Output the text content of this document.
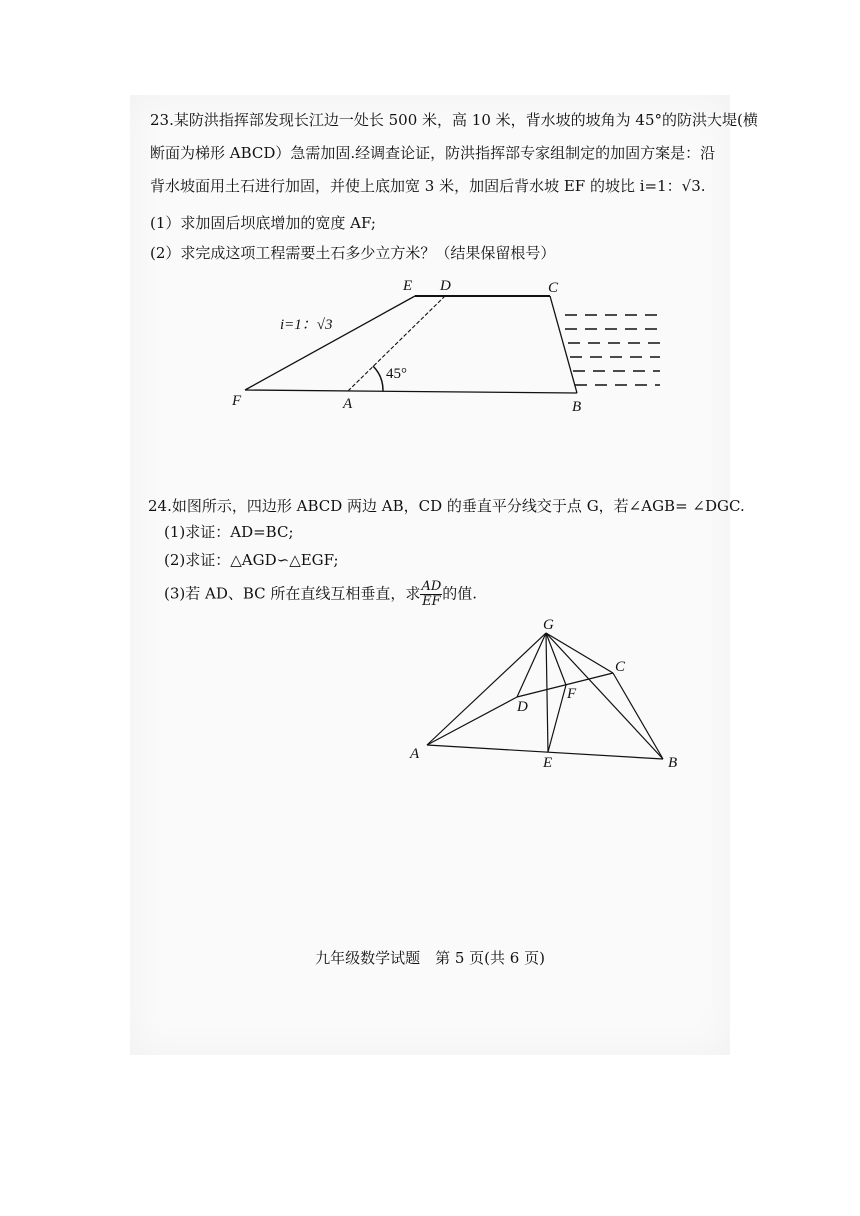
23.某防洪指挥部发现长江边一处长 500 米，高 10 米，背水坡的坡角为 45°的防洪大堤(横
断面为梯形 ABCD）急需加固.经调查论证，防洪指挥部专家组制定的加固方案是：沿
背水坡面用土石进行加固，并使上底加宽 3 米，加固后背水坡 EF 的坡比 i=1：√3.
(1）求加固后坝底增加的宽度 AF;
(2）求完成这项工程需要土石多少立方米？（结果保留根号）
E D	C
F	A	B
i=1：√3
45°
24.如图所示，四边形 ABCD 两边 AB，CD 的垂直平分线交于点 G，若∠AGB= ∠DGC.
(1)求证：AD=BC;
(2)求证：△AGD∽△EGF;
(3)若 AD、BC 所在直线互相垂直，求 $\frac{AD}{EF}$ 的值.
G
C
D
F
A
E	B
九年级数学试题　第 5 页(共 6 页)
